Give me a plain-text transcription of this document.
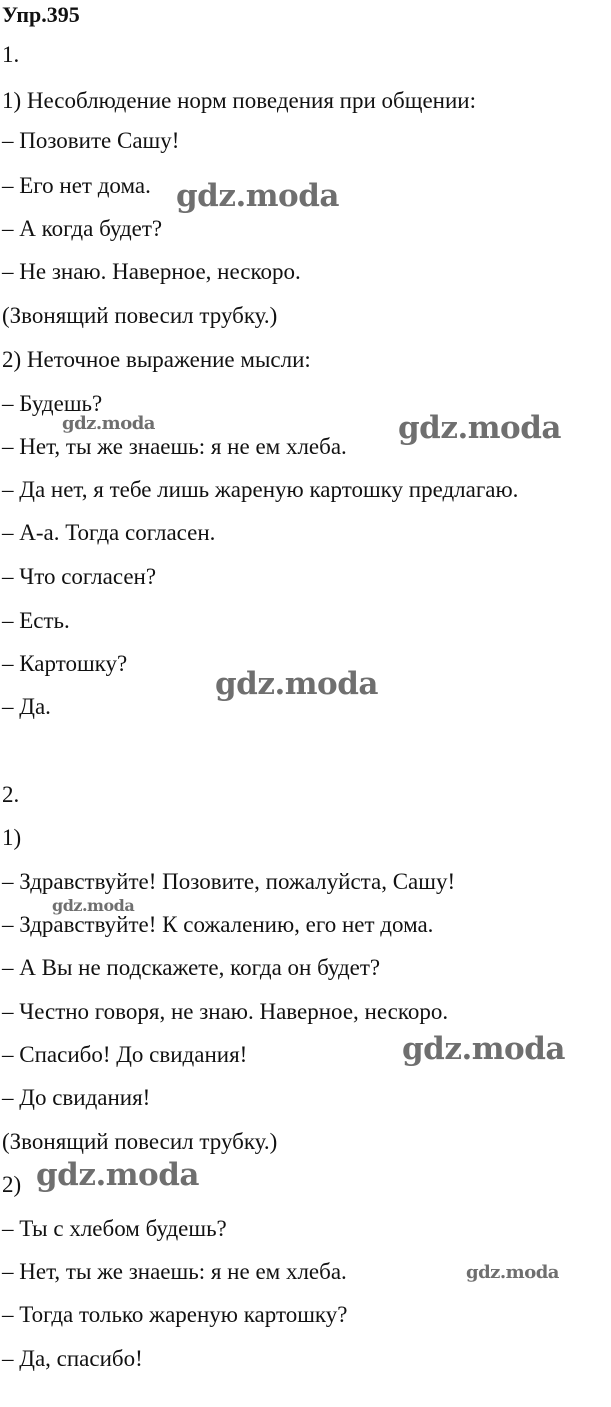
Упр.395
1.
1) Несоблюдение норм поведения при общении:
– Позовите Сашу!
– Его нет дома.
– А когда будет?
– Не знаю. Наверное, нескоро.
(Звонящий повесил трубку.)
2) Неточное выражение мысли:
– Будешь?
– Нет, ты же знаешь: я не ем хлеба.
– Да нет, я тебе лишь жареную картошку предлагаю.
– А-а. Тогда согласен.
– Что согласен?
– Есть.
– Картошку?
– Да.
2.
1)
– Здравствуйте! Позовите, пожалуйста, Сашу!
– Здравствуйте! К сожалению, его нет дома.
– А Вы не подскажете, когда он будет?
– Честно говоря, не знаю. Наверное, нескоро.
– Спасибо! До свидания!
– До свидания!
(Звонящий повесил трубку.)
2)
– Ты с хлебом будешь?
– Нет, ты же знаешь: я не ем хлеба.
– Тогда только жареную картошку?
– Да, спасибо!
gdz.moda
gdz.moda	gdz.moda
gdz.moda
gdz.moda
gdz.moda
gdz.moda
gdz.moda
